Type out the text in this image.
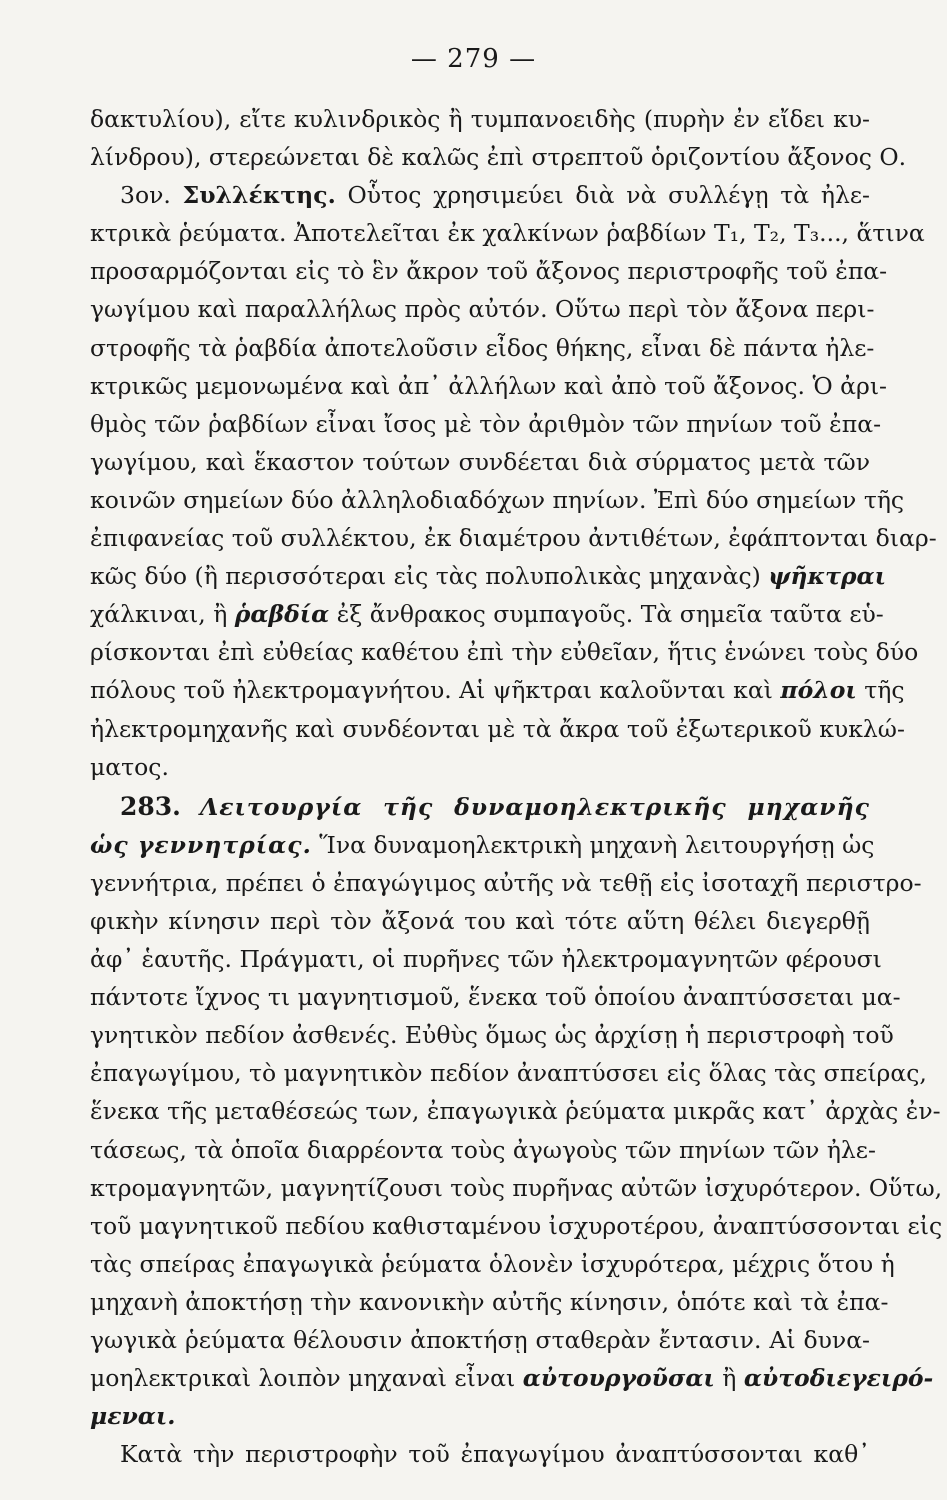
— 279 —
δακτυλίου), εἴτε κυλινδρικὸς ἢ τυμπανοειδὴς (πυρὴν ἐν εἴδει κυ-
λίνδρου), στερεώνεται δὲ καλῶς ἐπὶ στρεπτοῦ ὁριζοντίου ἄξονος Ο.
3ον. Συλλέκτης. Οὗτος χρησιμεύει διὰ νὰ συλλέγῃ τὰ ἠλε-
κτρικὰ ῥεύματα. Ἀποτελεῖται ἐκ χαλκίνων ῥαβδίων Τ₁, Τ₂, Τ₃..., ἅτινα
προσαρμόζονται εἰς τὸ ἓν ἄκρον τοῦ ἄξονος περιστροφῆς τοῦ ἐπα-
γωγίμου καὶ παραλλήλως πρὸς αὐτόν. Οὕτω περὶ τὸν ἄξονα περι-
στροφῆς τὰ ῥαβδία ἀποτελοῦσιν εἶδος θήκης, εἶναι δὲ πάντα ἠλε-
κτρικῶς μεμονωμένα καὶ ἀπ᾿ ἀλλήλων καὶ ἀπὸ τοῦ ἄξονος. Ὁ ἀρι-
θμὸς τῶν ῥαβδίων εἶναι ἴσος μὲ τὸν ἀριθμὸν τῶν πηνίων τοῦ ἐπα-
γωγίμου, καὶ ἕκαστον τούτων συνδέεται διὰ σύρματος μετὰ τῶν
κοινῶν σημείων δύο ἀλληλοδιαδόχων πηνίων. Ἐπὶ δύο σημείων τῆς
ἐπιφανείας τοῦ συλλέκτου, ἐκ διαμέτρου ἀντιθέτων, ἐφάπτονται διαρ-
κῶς δύο (ἢ περισσότεραι εἰς τὰς πολυπολικὰς μηχανὰς) ψῆκτραι
χάλκιναι, ἢ ῥαβδία ἐξ ἄνθρακος συμπαγοῦς. Τὰ σημεῖα ταῦτα εὑ-
ρίσκονται ἐπὶ εὐθείας καθέτου ἐπὶ τὴν εὐθεῖαν, ἥτις ἑνώνει τοὺς δύο
πόλους τοῦ ἠλεκτρομαγνήτου. Αἱ ψῆκτραι καλοῦνται καὶ πόλοι τῆς
ἠλεκτρομηχανῆς καὶ συνδέονται μὲ τὰ ἄκρα τοῦ ἐξωτερικοῦ κυκλώ-
ματος.
283. Λειτουργία τῆς δυναμοηλεκτρικῆς μηχανῆς
ὡς γεννητρίας. Ἵνα δυναμοηλεκτρικὴ μηχανὴ λειτουργήσῃ ὡς
γεννήτρια, πρέπει ὁ ἐπαγώγιμος αὐτῆς νὰ τεθῇ εἰς ἰσοταχῆ περιστρο-
φικὴν κίνησιν περὶ τὸν ἄξονά του καὶ τότε αὕτη θέλει διεγερθῇ
ἀφ᾿ ἑαυτῆς. Πράγματι, οἱ πυρῆνες τῶν ἠλεκτρομαγνητῶν φέρουσι
πάντοτε ἴχνος τι μαγνητισμοῦ, ἕνεκα τοῦ ὁποίου ἀναπτύσσεται μα-
γνητικὸν πεδίον ἀσθενές. Εὐθὺς ὅμως ὡς ἀρχίσῃ ἡ περιστροφὴ τοῦ
ἐπαγωγίμου, τὸ μαγνητικὸν πεδίον ἀναπτύσσει εἰς ὅλας τὰς σπείρας,
ἕνεκα τῆς μεταθέσεώς των, ἐπαγωγικὰ ῥεύματα μικρᾶς κατ᾿ ἀρχὰς ἐν-
τάσεως, τὰ ὁποῖα διαρρέοντα τοὺς ἀγωγοὺς τῶν πηνίων τῶν ἠλε-
κτρομαγνητῶν, μαγνητίζουσι τοὺς πυρῆνας αὐτῶν ἰσχυρότερον. Οὕτω,
τοῦ μαγνητικοῦ πεδίου καθισταμένου ἰσχυροτέρου, ἀναπτύσσονται εἰς
τὰς σπείρας ἐπαγωγικὰ ῥεύματα ὁλονὲν ἰσχυρότερα, μέχρις ὅτου ἡ
μηχανὴ ἀποκτήσῃ τὴν κανονικὴν αὐτῆς κίνησιν, ὁπότε καὶ τὰ ἐπα-
γωγικὰ ῥεύματα θέλουσιν ἀποκτήσῃ σταθερὰν ἔντασιν. Αἱ δυνα-
μοηλεκτρικαὶ λοιπὸν μηχαναὶ εἶναι αὐτουργοῦσαι ἢ αὐτοδιεγειρό-
μεναι.
Κατὰ τὴν περιστροφὴν τοῦ ἐπαγωγίμου ἀναπτύσσονται καθ᾿
